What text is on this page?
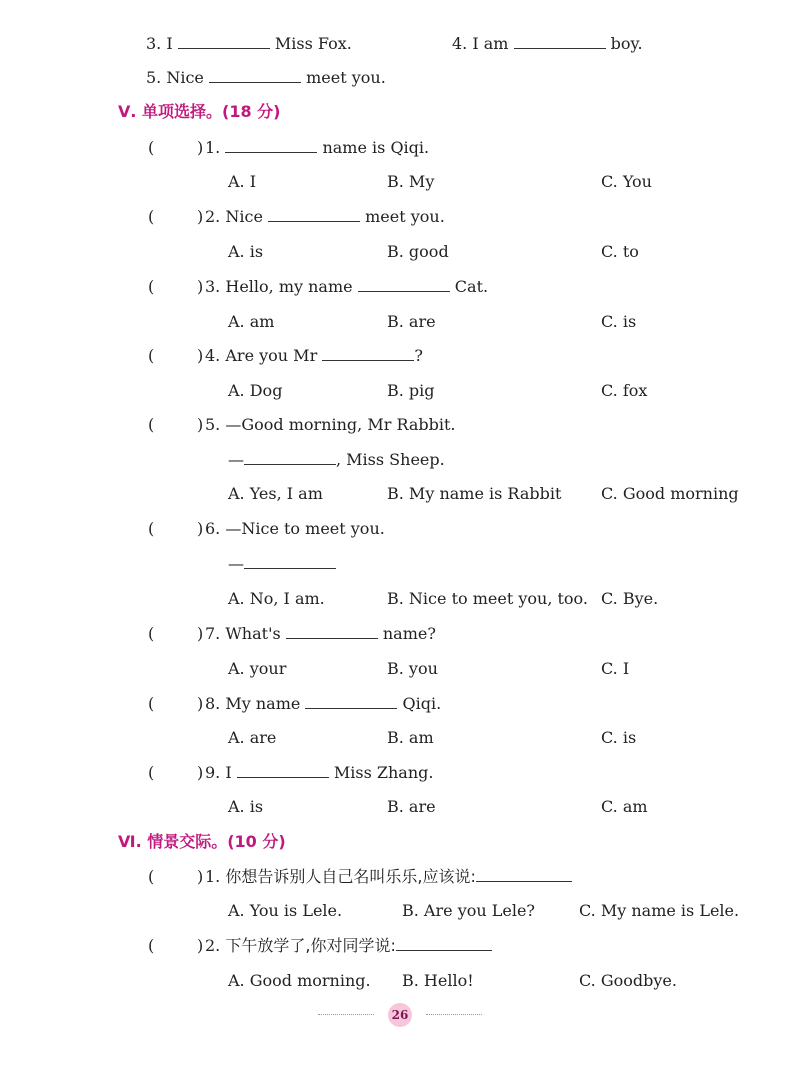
3. I	Miss Fox.	4. I am	boy.
5. Nice	meet you.
Ⅴ. 单项选择。(18 分)
(	) 1.	name is Qiqi.
A. I	B. My	C. You
(	) 2. Nice	meet you.
A. is	B. good	C. to
(	) 3. Hello, my name	Cat.
A. am	B. are	C. is
(	) 4. Are you Mr	?
A. Dog	B. pig	C. fox
(	) 5. —Good morning, Mr Rabbit.
—	, Miss Sheep.
A. Yes, I am	B. My name is Rabbit C. Good morning
(	) 6. —Nice to meet you.
—
A. No, I am.	B. Nice to meet you, too. C. Bye.
(	) 7. What's	name?
A. your	B. you	C. I
(	) 8. My name	Qiqi.
A. are	B. am	C. is
(	) 9. I	Miss Zhang.
A. is	B. are	C. am
Ⅵ. 情景交际。(10 分)
(	) 1. 你想告诉别人自己名叫乐乐,应该说:
A. You is Lele.	B. Are you Lele?	C. My name is Lele.
(	) 2. 下午放学了,你对同学说:
A. Good morning. B. Hello!	C. Goodbye.
26
